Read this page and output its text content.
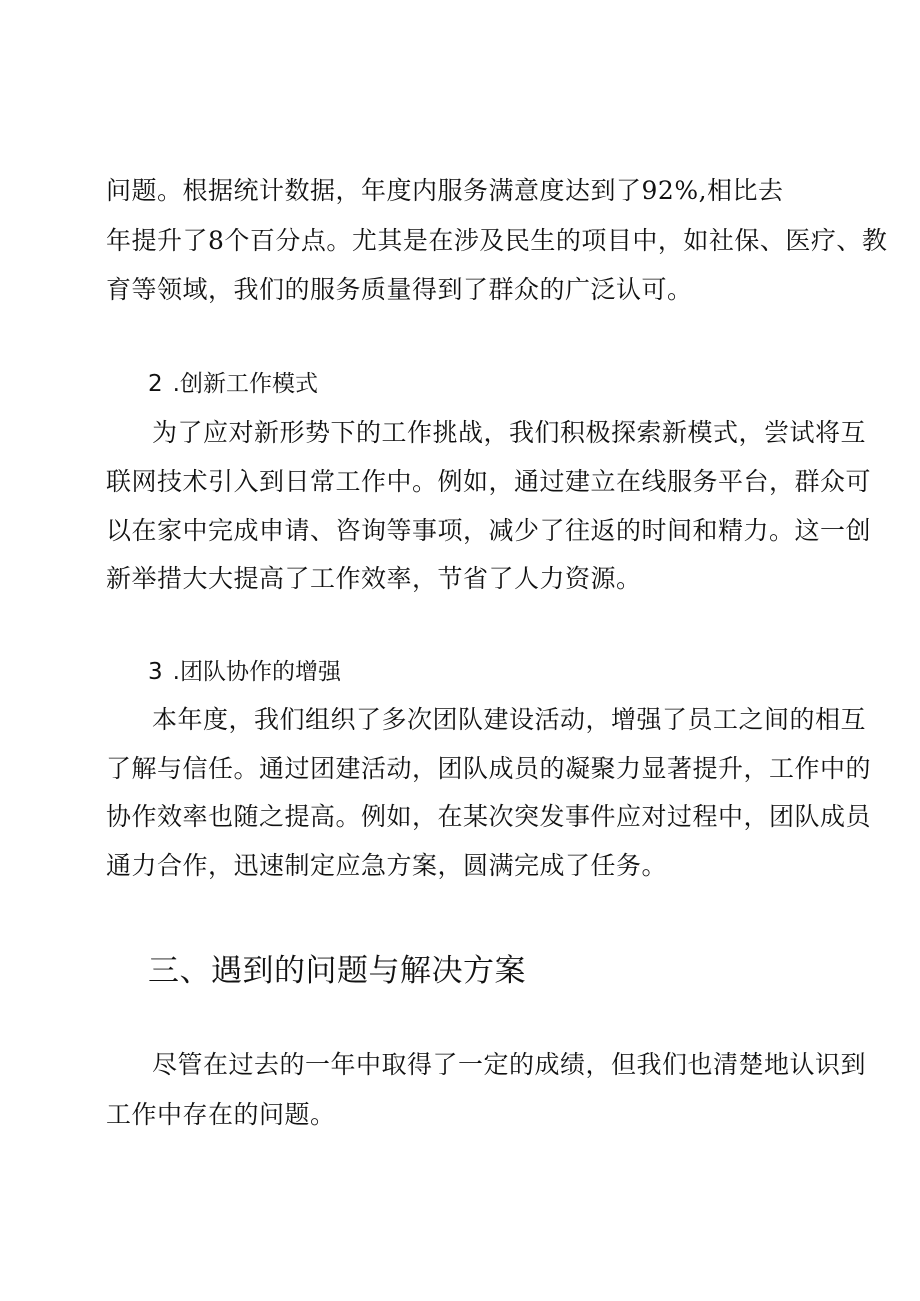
问题。根据统计数据，年度内服务满意度达到了92%,相比去
年提升了8个百分点。尤其是在涉及民生的项目中，如社保、医疗、教
育等领域，我们的服务质量得到了群众的广泛认可。
2 .创新工作模式
为了应对新形势下的工作挑战，我们积极探索新模式，尝试将互
联网技术引入到日常工作中。例如，通过建立在线服务平台，群众可
以在家中完成申请、咨询等事项，减少了往返的时间和精力。这一创
新举措大大提高了工作效率，节省了人力资源。
3 .团队协作的增强
本年度，我们组织了多次团队建设活动，增强了员工之间的相互
了解与信任。通过团建活动，团队成员的凝聚力显著提升，工作中的
协作效率也随之提高。例如，在某次突发事件应对过程中，团队成员
通力合作，迅速制定应急方案，圆满完成了任务。
三、遇到的问题与解决方案
尽管在过去的一年中取得了一定的成绩，但我们也清楚地认识到
工作中存在的问题。
